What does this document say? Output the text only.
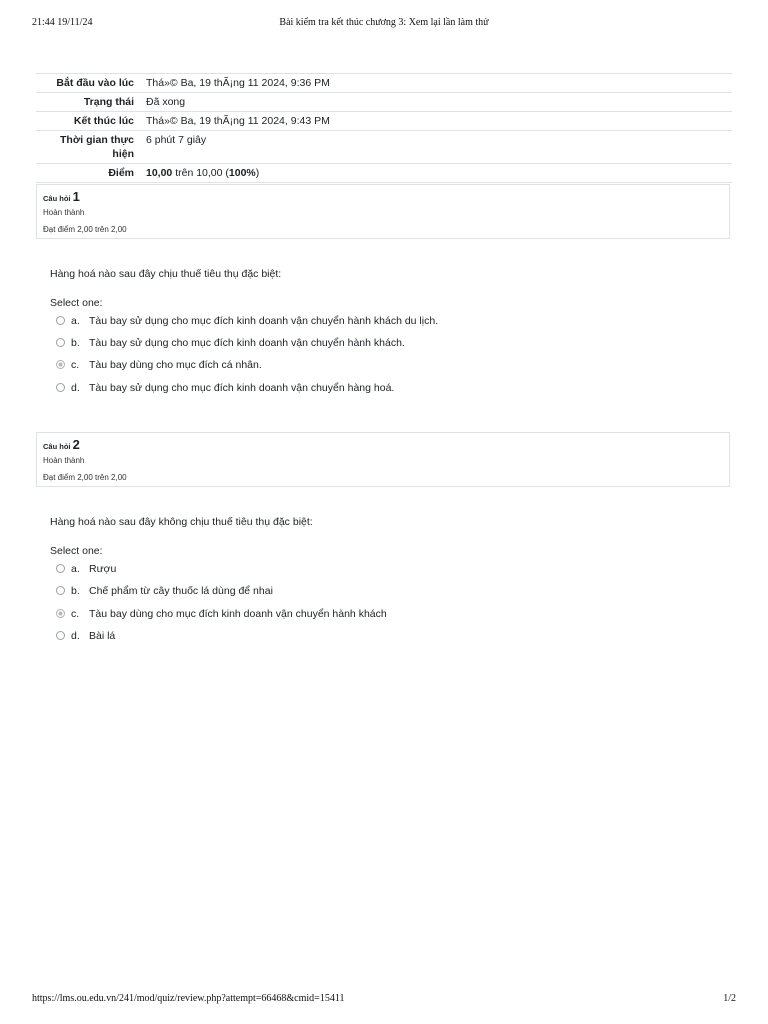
21:44 19/11/24	Bài kiểm tra kết thúc chương 3: Xem lại lần làm thử
Bắt đầu vào lúc	Thá»© Ba, 19 thÃ¡ng 11 2024, 9:36 PM
Trạng thái	Đã xong
Kết thúc lúc	Thá»© Ba, 19 thÃ¡ng 11 2024, 9:43 PM
Thời gian thực hiện	6 phút 7 giây
Điểm	10,00 trên 10,00 (100%)
Câu hỏi 1
Hoàn thành
Đạt điểm 2,00 trên 2,00
Hàng hoá nào sau đây chịu thuế tiêu thụ đặc biệt:
Select one:
a. Tàu bay sử dụng cho mục đích kinh doanh vận chuyển hành khách du lịch.
b. Tàu bay sử dụng cho mục đích kinh doanh vận chuyển hành khách.
c. Tàu bay dùng cho mục đích cá nhân.
d. Tàu bay sử dụng cho mục đích kinh doanh vận chuyển hàng hoá.
Câu hỏi 2
Hoàn thành
Đạt điểm 2,00 trên 2,00
Hàng hoá nào sau đây không chịu thuế tiêu thụ đặc biệt:
Select one:
a. Rượu
b. Chế phẩm từ cây thuốc lá dùng để nhai
c. Tàu bay dùng cho mục đích kinh doanh vận chuyển hành khách
d. Bài lá
https://lms.ou.edu.vn/241/mod/quiz/review.php?attempt=66468&cmid=15411	1/2
